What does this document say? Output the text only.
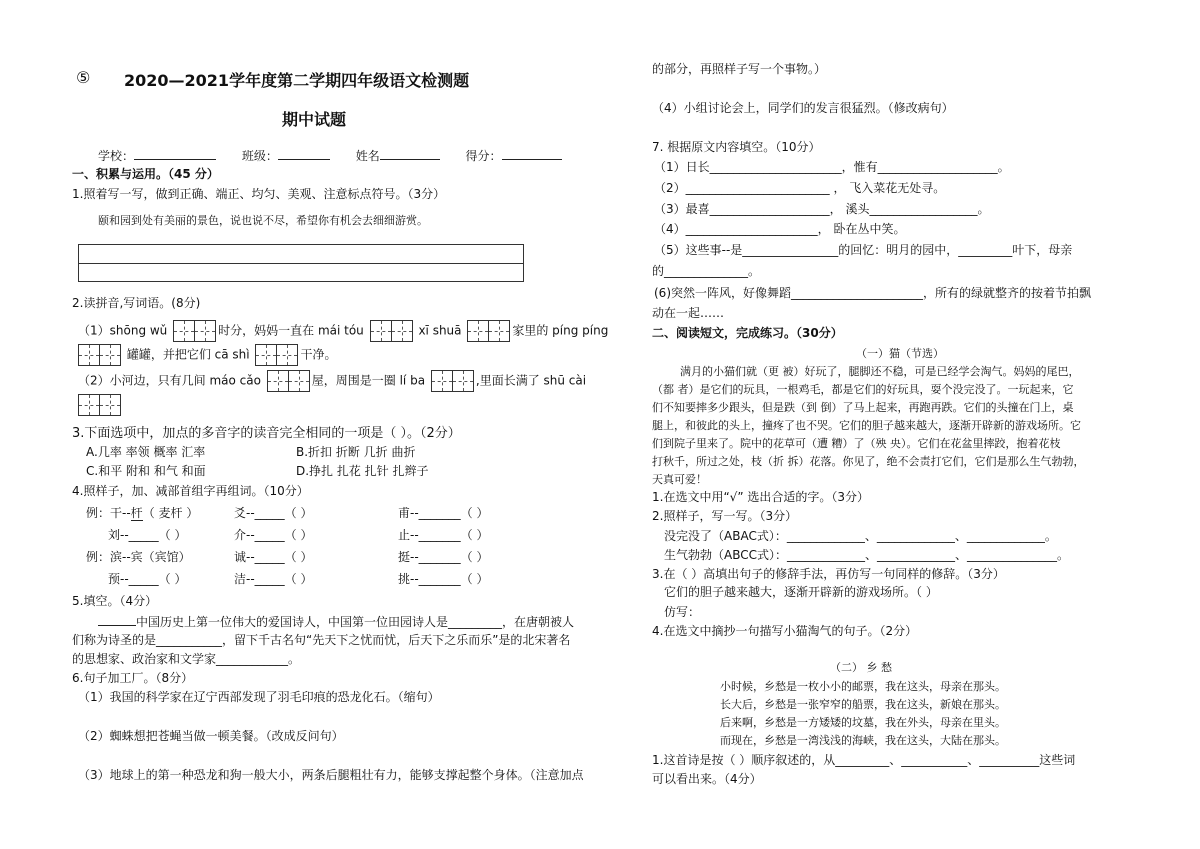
⑤ 2020—2021学年度第二学期四年级语文检测题
期中试题
学校：	班级：	姓名	得分：
一、积累与运用。（45 分）
1.照着写一写，做到正确、端正、均匀、美观、注意标点符号。（3分）
颐和园到处有美丽的景色，说也说不尽，希望你有机会去细细游赏。
2.读拼音,写词语。(8分)
（1）shōng wǔ	时分，妈妈一直在 mái tóu	xī shuā	家里的 píng píng
罐罐，并把它们 cā shì	干净。
（2）小河边，只有几间 máo cǎo	屋，周围是一圈 lí ba	,里面长满了 shū cài
3.下面选项中，加点的多音字的读音完全相同的一项是（ ）。（2分）
A.几率 率领 概率 汇率	B.折扣 折断 几折 曲折
C.和平 附和 和气 和面	D.挣扎 扎花 扎针 扎辫子
4.照样子，加、减部首组字再组词。（10分）
例：干--杆（ 麦杆 ）	爻--_____（ ）	甫--_______（ ）
刘--_____（ ）	介--_____（ ）	止--_______（ ）
例：滨--宾（宾馆）	诚--_____（ ）	挺--_______（ ）
预--_____（ ）	洁--_____（ ）	挑--_______（ ）
5.填空。（4分）
中国历史上第一位伟大的爱国诗人，中国第一位田园诗人是_________，在唐朝被人
们称为诗圣的是___________，留下千古名句“先天下之忧而忧，后天下之乐而乐”是的北宋著名
的思想家、政治家和文学家____________。
6.句子加工厂。（8分）
（1）我国的科学家在辽宁西部发现了羽毛印痕的恐龙化石。（缩句）
（2）蜘蛛想把苍蝇当做一顿美餐。（改成反问句）
（3）地球上的第一种恐龙和狗一般大小，两条后腿粗壮有力，能够支撑起整个身体。（注意加点
的部分，再照样子写一个事物。）
（4）小组讨论会上，同学们的发言很猛烈。（修改病句）
7. 根据原文内容填空。（10分）
（1）日长______________________，惟有____________________。
（2）________________________ ， 飞入菜花无处寻。
（3）最喜____________________， 溪头__________________。
（4）______________________， 卧在丛中笑。
（5）这些事--是________________的回忆：明月的园中，_________叶下，母亲
的______________。
(6)突然一阵风，好像舞蹈______________________，所有的绿就整齐的按着节拍飘
动在一起……
二、阅读短文，完成练习。（30分）
（一）猫（节选）
满月的小猫们就（更 被）好玩了，腿脚还不稳，可是已经学会淘气。妈妈的尾巴，
（都 者）是它们的玩具，一根鸡毛，都是它们的好玩具，耍个没完没了。一玩起来，它
们不知要摔多少跟头，但是跌（到 倒）了马上起来，再跑再跌。它们的头撞在门上，桌
腿上，和彼此的头上，撞疼了也不哭。它们的胆子越来越大，逐渐开辟新的游戏场所。它
们到院子里来了。院中的花草可（遭 糟）了（殃 央）。它们在花盆里摔跤，抱着花枝
打秋千，所过之处，枝（折 拆）花落。你见了，绝不会责打它们，它们是那么生气勃勃，
天真可爱！
1.在选文中用“√” 选出合适的字。（3分）
2.照样子，写一写。（3分）
没完没了（ABAC式）：_____________、_____________、_____________。
生气勃勃（ABCC式）：_____________、_____________、_______________。
3.在（ ）高填出句子的修辞手法，再仿写一句同样的修辞。（3分）
它们的胆子越来越大，逐渐开辟新的游戏场所。（ ）
仿写：
4.在选文中摘抄一句描写小猫淘气的句子。（2分）
（二） 乡 愁
小时候，乡愁是一枚小小的邮票，我在这头，母亲在那头。
长大后，乡愁是一张窄窄的船票，我在这头，新娘在那头。
后来啊，乡愁是一方矮矮的坟墓，我在外头，母亲在里头。
而现在，乡愁是一湾浅浅的海峡，我在这头，大陆在那头。
1.这首诗是按（ ）顺序叙述的，从_________、___________、__________这些词
可以看出来。（4分）
